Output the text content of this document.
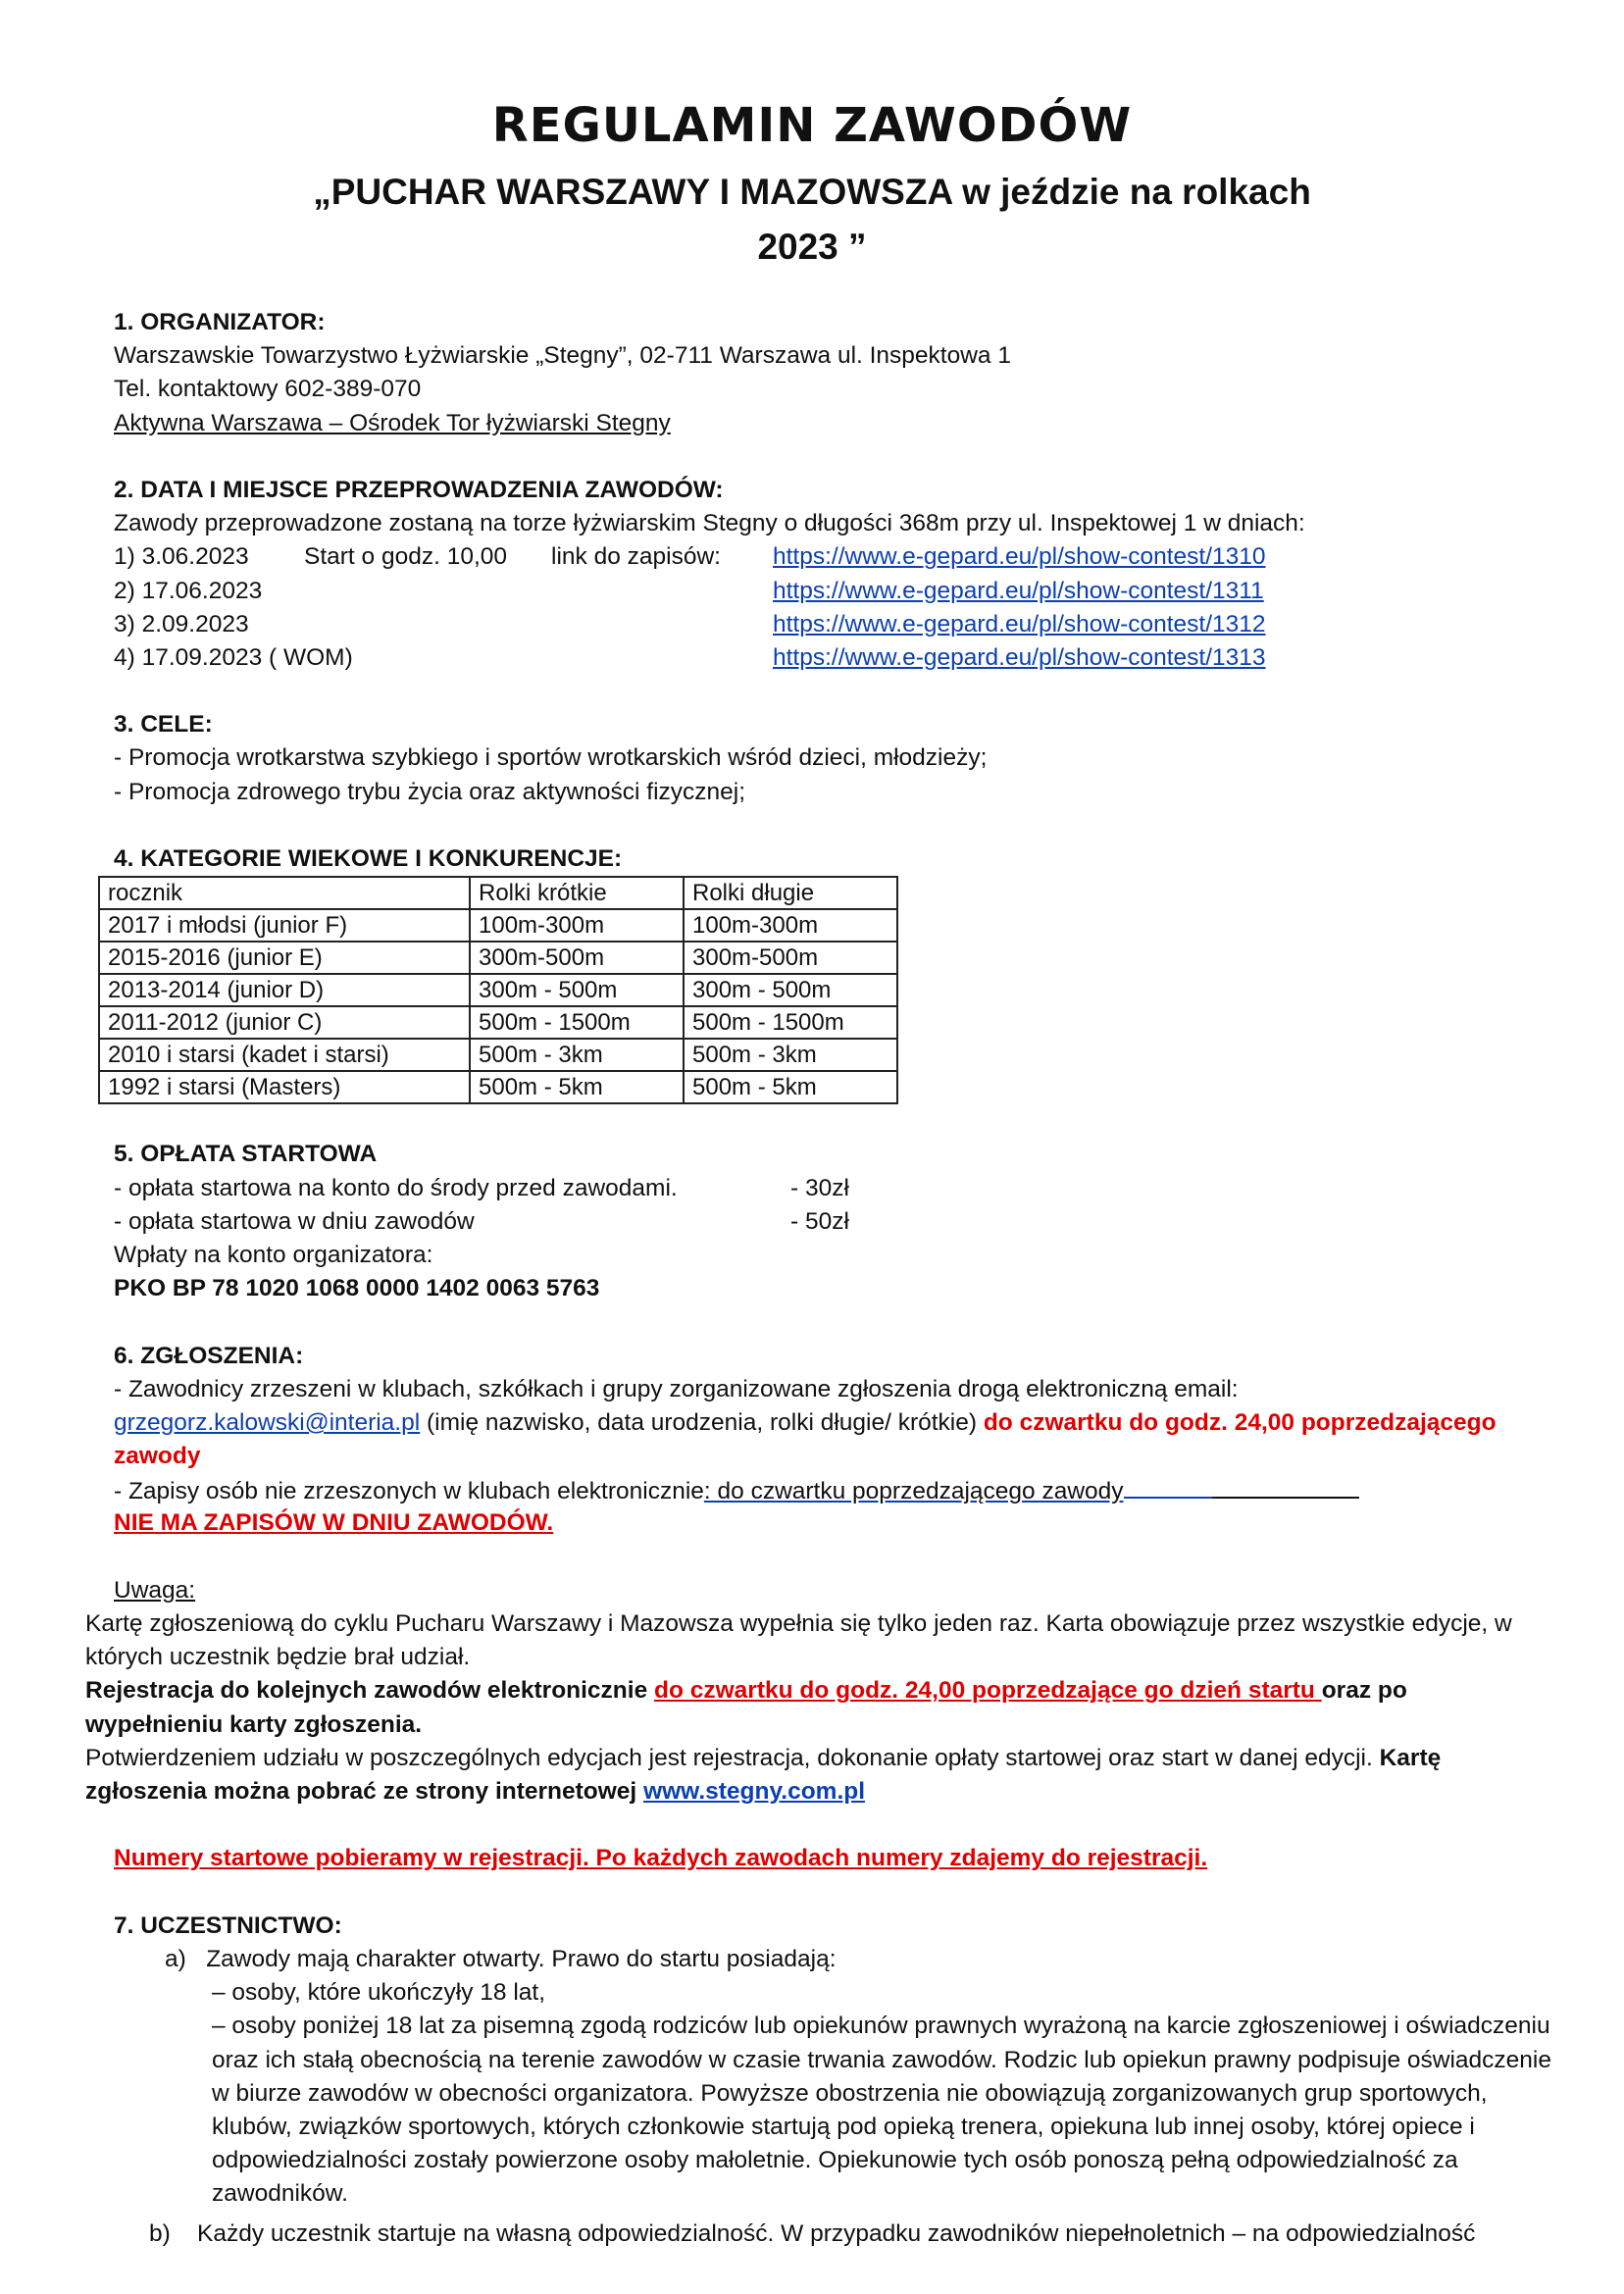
REGULAMIN ZAWODÓW
„PUCHAR WARSZAWY I MAZOWSZA w jeździe na rolkach
2023 ”
1. ORGANIZATOR:
Warszawskie Towarzystwo Łyżwiarskie „Stegny”, 02-711 Warszawa ul. Inspektowa 1
Tel. kontaktowy 602-389-070
Aktywna Warszawa – Ośrodek Tor łyżwiarski Stegny
2. DATA I MIEJSCE PRZEPROWADZENIA ZAWODÓW:
Zawody przeprowadzone zostaną na torze łyżwiarskim Stegny o długości 368m przy ul. Inspektowej 1 w dniach:
1) 3.06.2023 Start o godz. 10,00 link do zapisów: https://www.e-gepard.eu/pl/show-contest/1310
2) 17.06.2023	https://www.e-gepard.eu/pl/show-contest/1311
3) 2.09.2023	https://www.e-gepard.eu/pl/show-contest/1312
4) 17.09.2023 ( WOM)	https://www.e-gepard.eu/pl/show-contest/1313
3. CELE:
- Promocja wrotkarstwa szybkiego i sportów wrotkarskich wśród dzieci, młodzieży;
- Promocja zdrowego trybu życia oraz aktywności fizycznej;
4. KATEGORIE WIEKOWE I KONKURENCJE:
rocznik	Rolki krótkie	Rolki długie
2017 i młodsi (junior F)	100m-300m	100m-300m
2015-2016 (junior E)	300m-500m	300m-500m
2013-2014 (junior D)	300m - 500m	300m - 500m
2011-2012 (junior C)	500m - 1500m	500m - 1500m
2010 i starsi (kadet i starsi)	500m - 3km	500m - 3km
1992 i starsi (Masters)	500m - 5km	500m - 5km
5. OPŁATA STARTOWA
- opłata startowa na konto do środy przed zawodami.	- 30zł
- opłata startowa w dniu zawodów	- 50zł
Wpłaty na konto organizatora:
PKO BP 78 1020 1068 0000 1402 0063 5763
6. ZGŁOSZENIA:
- Zawodnicy zrzeszeni w klubach, szkółkach i grupy zorganizowane zgłoszenia drogą elektroniczną email:
grzegorz.kalowski@interia.pl (imię nazwisko, data urodzenia, rolki długie/ krótkie) do czwartku do godz. 24,00 poprzedzającego
zawody
- Zapisy osób nie zrzeszonych w klubach elektronicznie: do czwartku poprzedzającego zawody
NIE MA ZAPISÓW W DNIU ZAWODÓW.
Uwaga:
Kartę zgłoszeniową do cyklu Pucharu Warszawy i Mazowsza wypełnia się tylko jeden raz. Karta obowiązuje przez wszystkie edycje, w których uczestnik będzie brał udział.
Rejestracja do kolejnych zawodów elektronicznie do czwartku do godz. 24,00 poprzedzające go dzień startu oraz po wypełnieniu karty zgłoszenia.
Potwierdzeniem udziału w poszczególnych edycjach jest rejestracja, dokonanie opłaty startowej oraz start w danej edycji. Kartę zgłoszenia można pobrać ze strony internetowej www.stegny.com.pl
Numery startowe pobieramy w rejestracji. Po każdych zawodach numery zdajemy do rejestracji.
7. UCZESTNICTWO:
a) Zawody mają charakter otwarty. Prawo do startu posiadają:
– osoby, które ukończyły 18 lat,
– osoby poniżej 18 lat za pisemną zgodą rodziców lub opiekunów prawnych wyrażoną na karcie zgłoszeniowej i oświadczeniu oraz ich stałą obecnością na terenie zawodów w czasie trwania zawodów. Rodzic lub opiekun prawny podpisuje oświadczenie w biurze zawodów w obecności organizatora. Powyższe obostrzenia nie obowiązują zorganizowanych grup sportowych, klubów, związków sportowych, których członkowie startują pod opieką trenera, opiekuna lub innej osoby, której opiece i odpowiedzialności zostały powierzone osoby małoletnie. Opiekunowie tych osób ponoszą pełną odpowiedzialność za zawodników.
b) Każdy uczestnik startuje na własną odpowiedzialność. W przypadku zawodników niepełnoletnich – na odpowiedzialność
